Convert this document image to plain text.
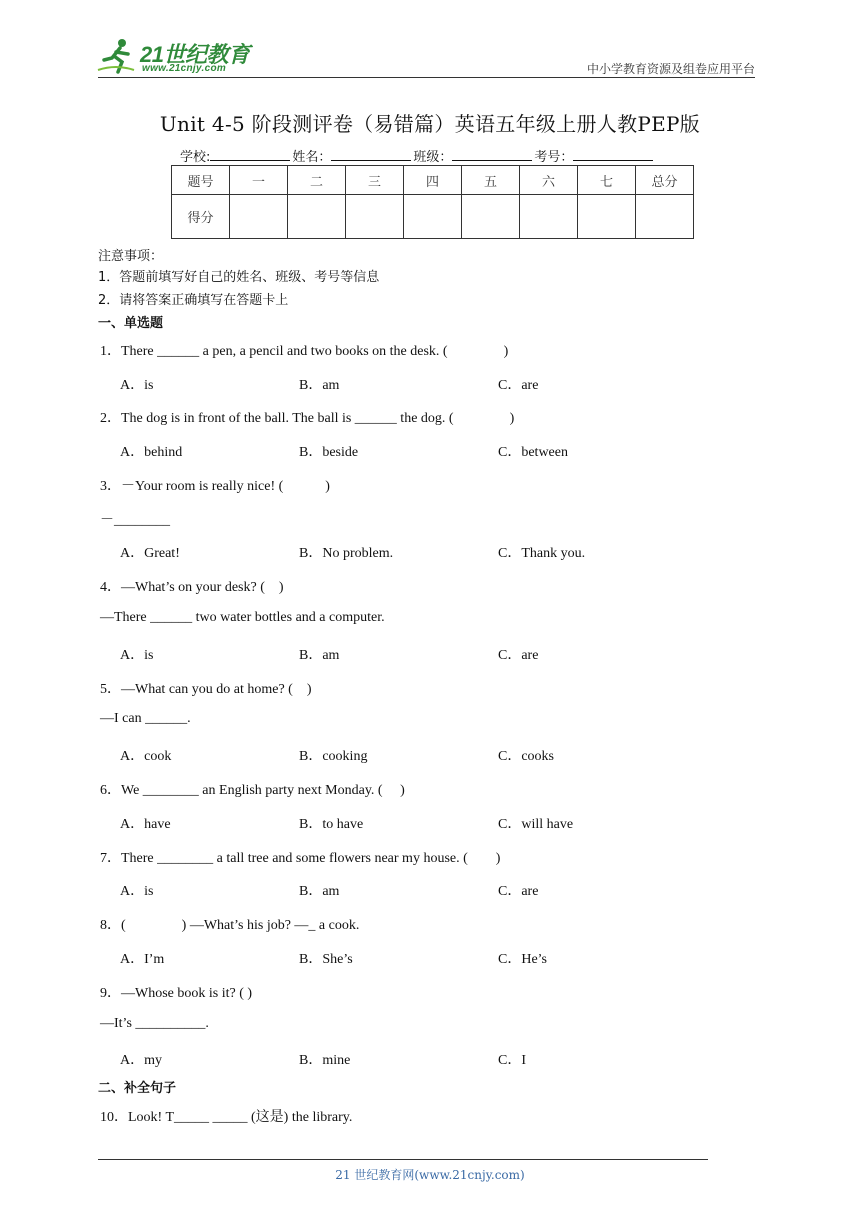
21世纪教育
www.21cnjy.com	中小学教育资源及组卷应用平台
Unit 4-5 阶段测评卷（易错篇）英语五年级上册人教PEP版
学校:	姓名：	班级：	考号：
题号	一	二	三	四	五	六	七	总分
得分								
注意事项：
1．答题前填写好自己的姓名、班级、考号等信息
2．请将答案正确填写在答题卡上
一、单选题
1．There ______ a pen, a pencil and two books on the desk. (　　　　)
A．is	B．am	C．are
2．The dog is in front of the ball. The ball is ______ the dog. (　　　　)
A．behind	B．beside	C．between
3．－Your room is really nice! (　　　)
－________
A．Great!	B．No problem.	C．Thank you.
4．—What’s on your desk? (　)
—There ______ two water bottles and a computer.
A．is	B．am	C．are
5．—What can you do at home? (　)
—I can ______.
A．cook	B．cooking	C．cooks
6．We ________ an English party next Monday. (　 )
A．have	B．to have	C．will have
7．There ________ a tall tree and some flowers near my house. (　　)
A．is	B．am	C．are
8．(　　　　) —What’s his job? —_ a cook.
A．I’m	B．She’s	C．He’s
9．—Whose book is it? ( )
—It’s __________.
A．my	B．mine	C．I
二、补全句子
10．Look! T_____ _____ (这是) the library.
21 世纪教育网(www.21cnjy.com)
